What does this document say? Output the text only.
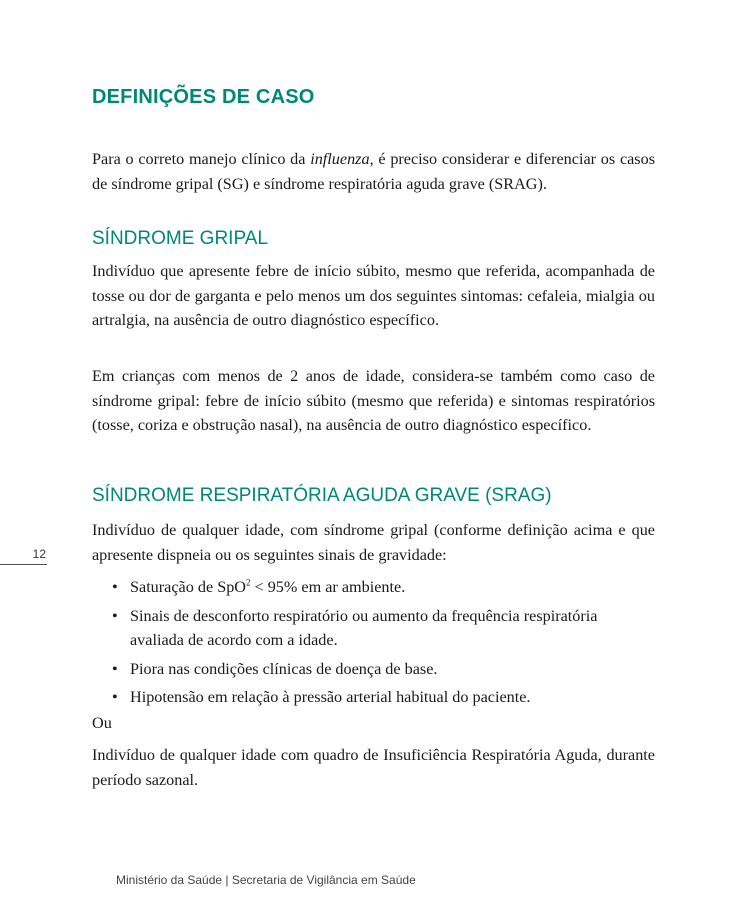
DEFINIÇÕES DE CASO

Para o correto manejo clínico da influenza, é preciso considerar e diferenciar os casos de síndrome gripal (SG) e síndrome respiratória aguda grave (SRAG).

SÍNDROME GRIPAL

Indivíduo que apresente febre de início súbito, mesmo que referida, acompanhada de tosse ou dor de garganta e pelo menos um dos seguintes sintomas: cefaleia, mialgia ou artralgia, na ausência de outro diagnóstico específico.

Em crianças com menos de 2 anos de idade, considera-se também como caso de síndrome gripal: febre de início súbito (mesmo que referida) e sintomas respiratórios (tosse, coriza e obstrução nasal), na ausência de outro diagnóstico específico.

SÍNDROME RESPIRATÓRIA AGUDA GRAVE (SRAG)

Indivíduo de qualquer idade, com síndrome gripal (conforme definição acima e que apresente dispneia ou os seguintes sinais de gravidade:

• Saturação de SpO$^2$ < 95% em ar ambiente.
• Sinais de desconforto respiratório ou aumento da frequência respiratória avaliada de acordo com a idade.
• Piora nas condições clínicas de doença de base.
• Hipotensão em relação à pressão arterial habitual do paciente.

Ou

Indivíduo de qualquer idade com quadro de Insuficiência Respiratória Aguda, durante período sazonal.

12
Ministério da Saúde | Secretaria de Vigilância em Saúde
